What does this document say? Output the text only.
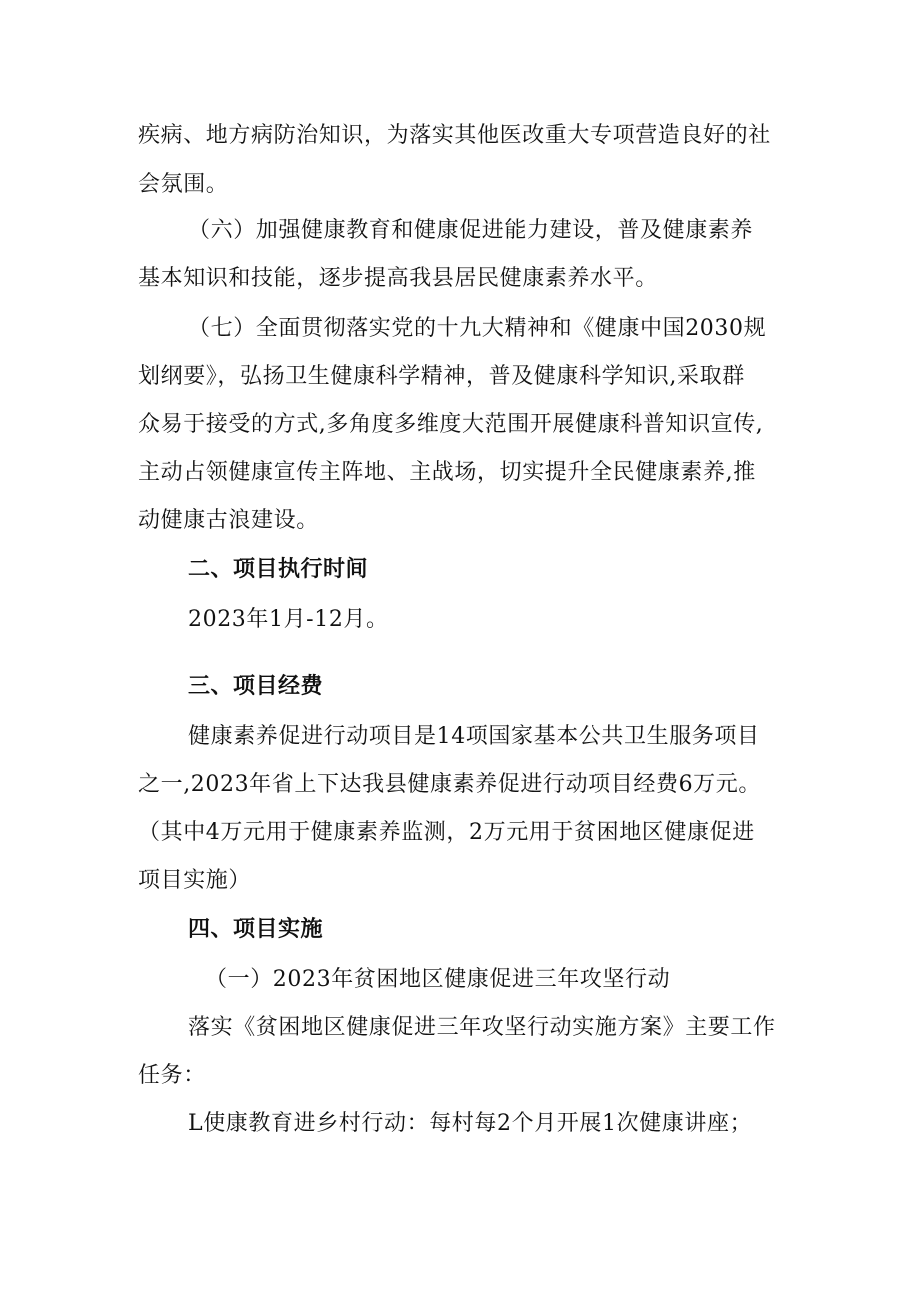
疾病、地方病防治知识，为落实其他医改重大专项营造良好的社
会氛围。
（六）加强健康教育和健康促进能力建设，普及健康素养
基本知识和技能，逐步提高我县居民健康素养水平。
（七）全面贯彻落实党的十九大精神和《健康中国2030规
划纲要》，弘扬卫生健康科学精神，普及健康科学知识,采取群
众易于接受的方式,多角度多维度大范围开展健康科普知识宣传,
主动占领健康宣传主阵地、主战场，切实提升全民健康素养,推
动健康古浪建设。
二、项目执行时间
2023年1月-12月。
三、项目经费
健康素养促进行动项目是14项国家基本公共卫生服务项目
之一,2023年省上下达我县健康素养促进行动项目经费6万元。
（其中4万元用于健康素养监测，2万元用于贫困地区健康促进
项目实施）
四、项目实施
（一）2023年贫困地区健康促进三年攻坚行动
落实《贫困地区健康促进三年攻坚行动实施方案》主要工作
任务：
L使康教育进乡村行动：每村每2个月开展1次健康讲座；
